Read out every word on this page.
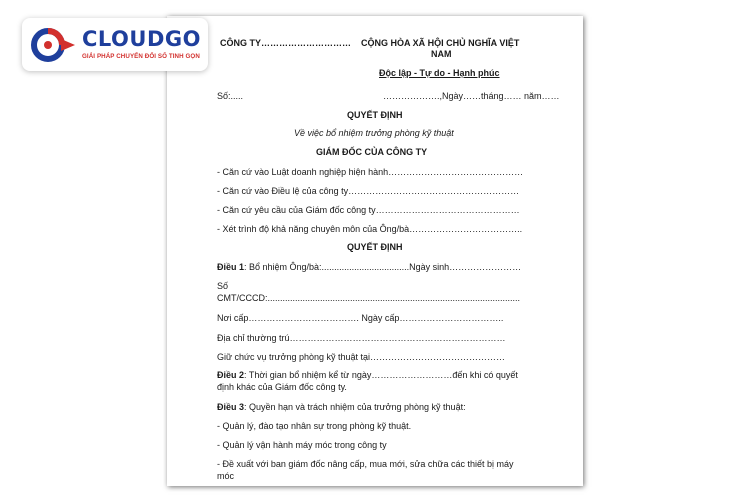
CLOUDGO
GIẢI PHÁP CHUYỂN ĐỔI SỐ TINH GỌN
CÔNG TY………………………… CỘNG HÒA XÃ HỘI CHỦ NGHĨA VIỆT
NAM
Độc lập - Tự do - Hạnh phúc
Số:.....	……………….,Ngày……tháng…… năm……
QUYẾT ĐỊNH
Về việc bổ nhiệm trưởng phòng kỹ thuật
GIÁM ĐỐC CỦA CÔNG TY
- Căn cứ vào Luật doanh nghiệp hiện hành………………………………………
- Căn cứ vào Điều lệ của công ty…………………………………………………
- Căn cứ yêu cầu của Giám đốc công ty…………………………………………
- Xét trình độ khả năng chuyên môn của Ông/bà………………………………..
QUYẾT ĐỊNH
Điều 1: Bổ nhiệm Ông/bà:...................................Ngày sinh……………………
Số
CMT/CCCD:.....................................................................................................
Nơi cấp………………………………. Ngày cấp……………………………..
Địa chỉ thường trú………………………………………………………………
Giữ chức vụ trưởng phòng kỹ thuật tại………………………………………
Điều 2: Thời gian bổ nhiệm kể từ ngày………………………đến khi có quyết
định khác của Giám đốc công ty.
Điều 3: Quyền hạn và trách nhiệm của trưởng phòng kỹ thuật:
- Quản lý, đào tạo nhân sự trong phòng kỹ thuật.
- Quản lý vận hành máy móc trong công ty
- Đề xuất với ban giám đốc nâng cấp, mua mới, sửa chữa các thiết bị máy
móc
